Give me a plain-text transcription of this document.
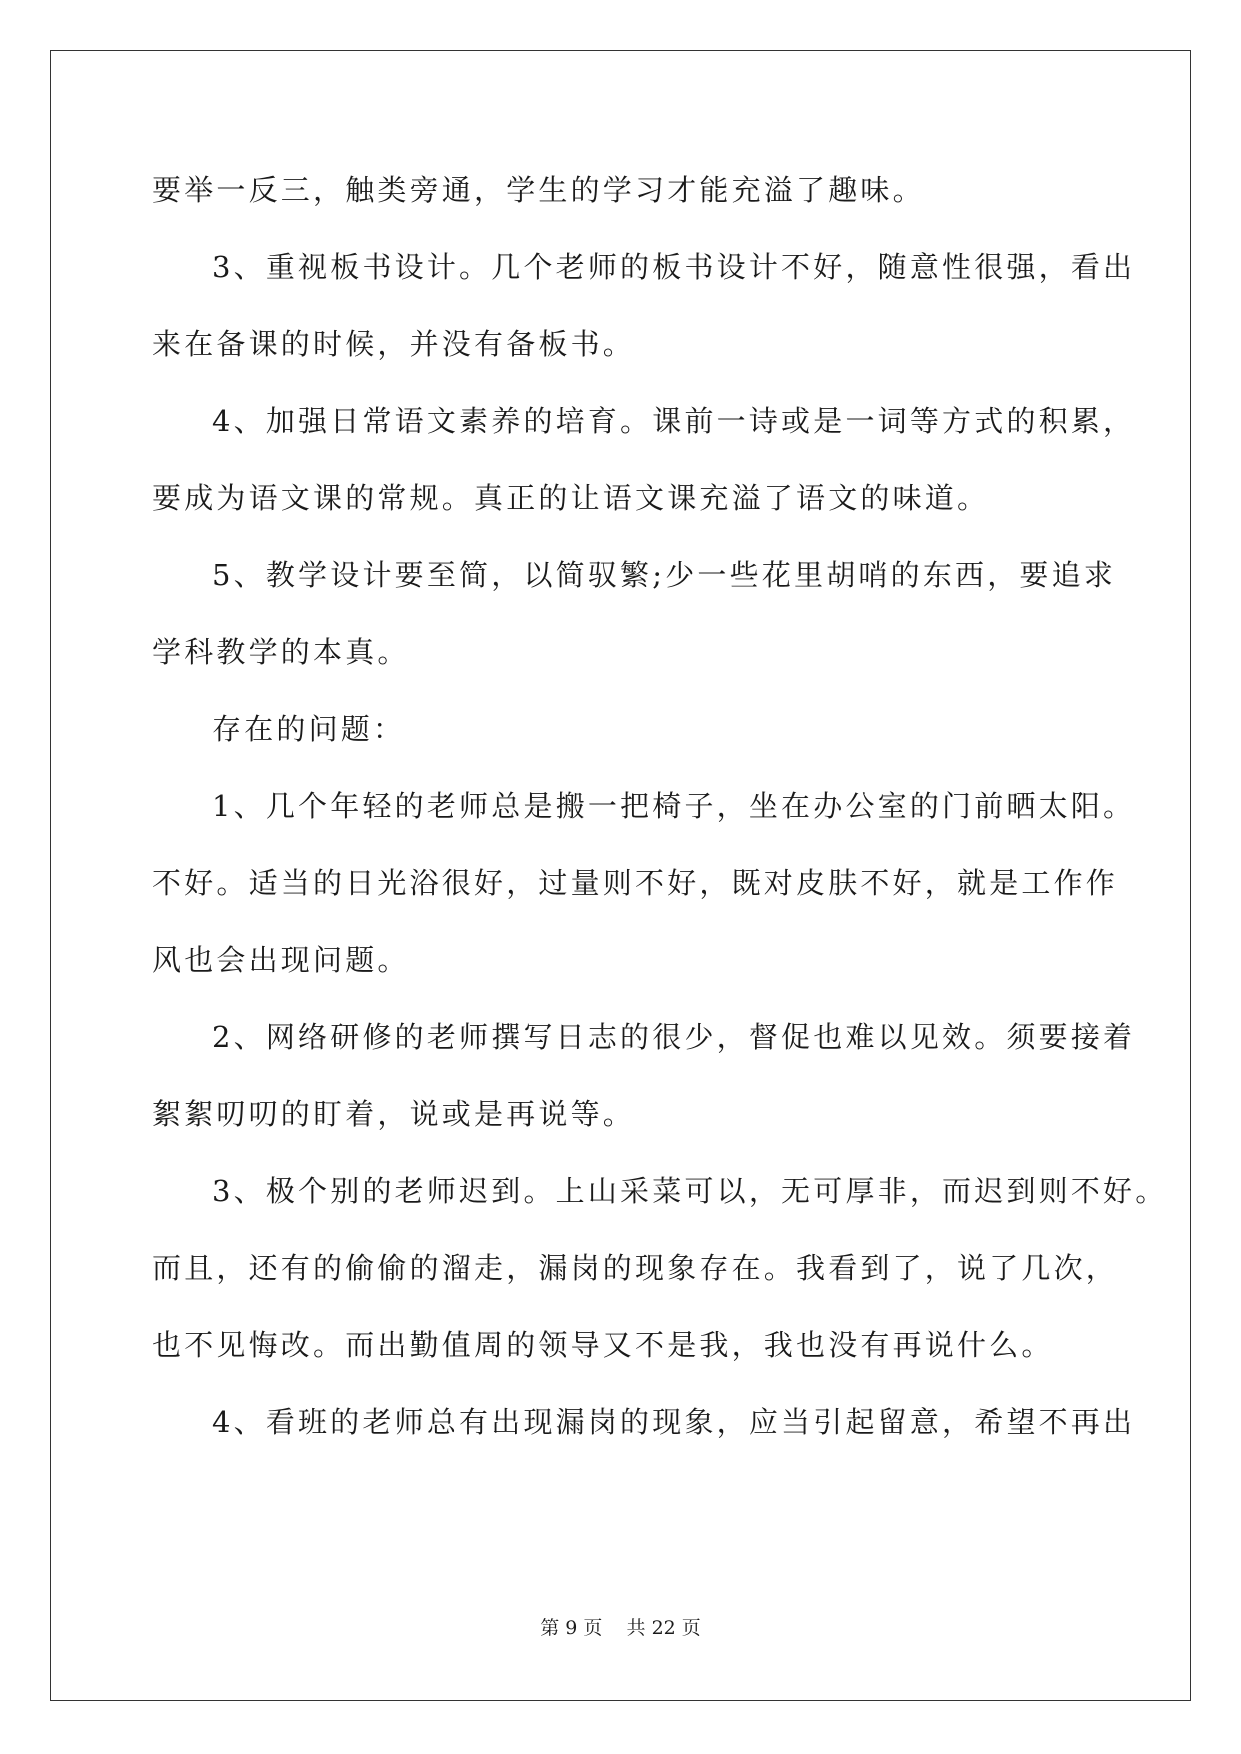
要举一反三，触类旁通，学生的学习才能充溢了趣味。
3、重视板书设计。几个老师的板书设计不好，随意性很强，看出
来在备课的时候，并没有备板书。
4、加强日常语文素养的培育。课前一诗或是一词等方式的积累，
要成为语文课的常规。真正的让语文课充溢了语文的味道。
5、教学设计要至简，以简驭繁;少一些花里胡哨的东西，要追求
学科教学的本真。
存在的问题：
1、几个年轻的老师总是搬一把椅子，坐在办公室的门前晒太阳。
不好。适当的日光浴很好，过量则不好，既对皮肤不好，就是工作作
风也会出现问题。
2、网络研修的老师撰写日志的很少，督促也难以见效。须要接着
絮絮叨叨的盯着，说或是再说等。
3、极个别的老师迟到。上山采菜可以，无可厚非，而迟到则不好。
而且，还有的偷偷的溜走，漏岗的现象存在。我看到了，说了几次，
也不见悔改。而出勤值周的领导又不是我，我也没有再说什么。
4、看班的老师总有出现漏岗的现象，应当引起留意，希望不再出
第 9 页    共 22 页
